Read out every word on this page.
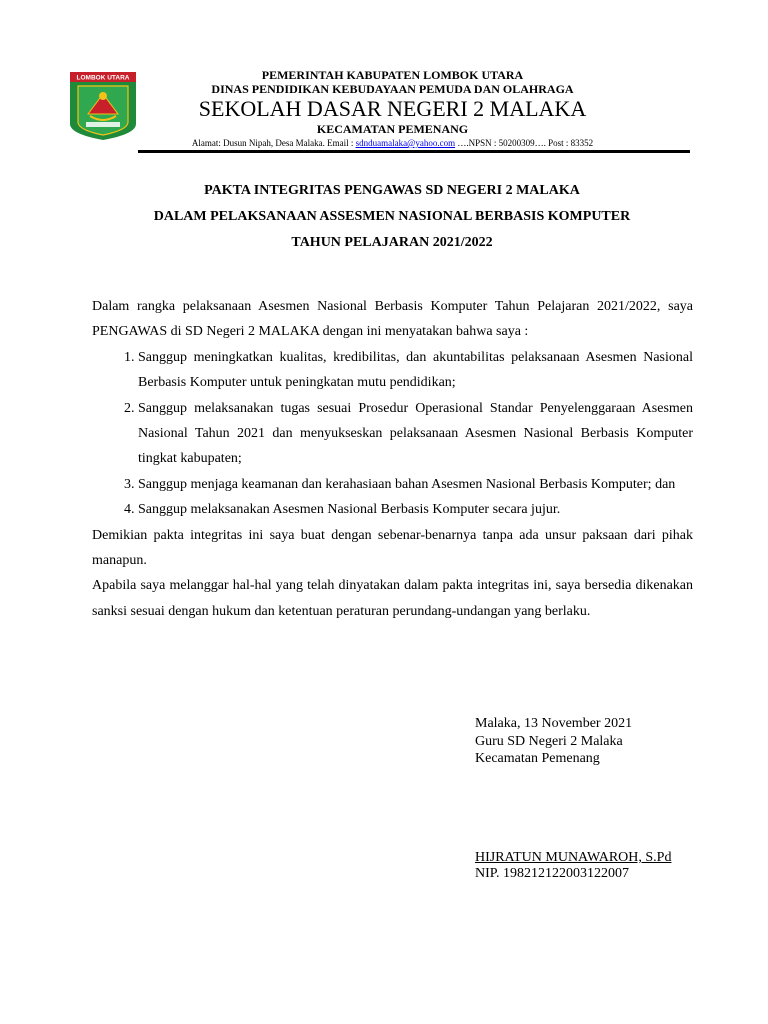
LOMBOK UTARA	PEMERINTAH KABUPATEN LOMBOK UTARA
DINAS PENDIDIKAN KEBUDAYAAN PEMUDA DAN OLAHRAGA
SEKOLAH DASAR NEGERI 2 MALAKA
KECAMATAN PEMENANG
Alamat: Dusun Nipah, Desa Malaka. Email : sdnduamalaka@yahoo.com ….NPSN : 50200309…. Post : 83352
PAKTA INTEGRITAS PENGAWAS SD NEGERI 2 MALAKA
DALAM PELAKSANAAN ASSESMEN NASIONAL BERBASIS KOMPUTER
TAHUN PELAJARAN 2021/2022

Dalam rangka pelaksanaan Asesmen Nasional Berbasis Komputer Tahun Pelajaran 2021/2022, saya PENGAWAS di SD Negeri 2 MALAKA dengan ini menyatakan bahwa saya :

1. Sanggup meningkatkan kualitas, kredibilitas, dan akuntabilitas pelaksanaan Asesmen Nasional Berbasis Komputer untuk peningkatan mutu pendidikan;
2. Sanggup melaksanakan tugas sesuai Prosedur Operasional Standar Penyelenggaraan Asesmen Nasional Tahun 2021 dan menyukseskan pelaksanaan Asesmen Nasional Berbasis Komputer tingkat kabupaten;
3. Sanggup menjaga keamanan dan kerahasiaan bahan Asesmen Nasional Berbasis Komputer; dan
4. Sanggup melaksanakan Asesmen Nasional Berbasis Komputer secara jujur.

Demikian pakta integritas ini saya buat dengan sebenar-benarnya tanpa ada unsur paksaan dari pihak manapun.

Apabila saya melanggar hal-hal yang telah dinyatakan dalam pakta integritas ini, saya bersedia dikenakan sanksi sesuai dengan hukum dan ketentuan peraturan perundang-undangan yang berlaku.

Malaka, 13 November 2021
Guru SD Negeri 2 Malaka
Kecamatan Pemenang
HIJRATUN MUNAWAROH, S.Pd
NIP. 198212122003122007
